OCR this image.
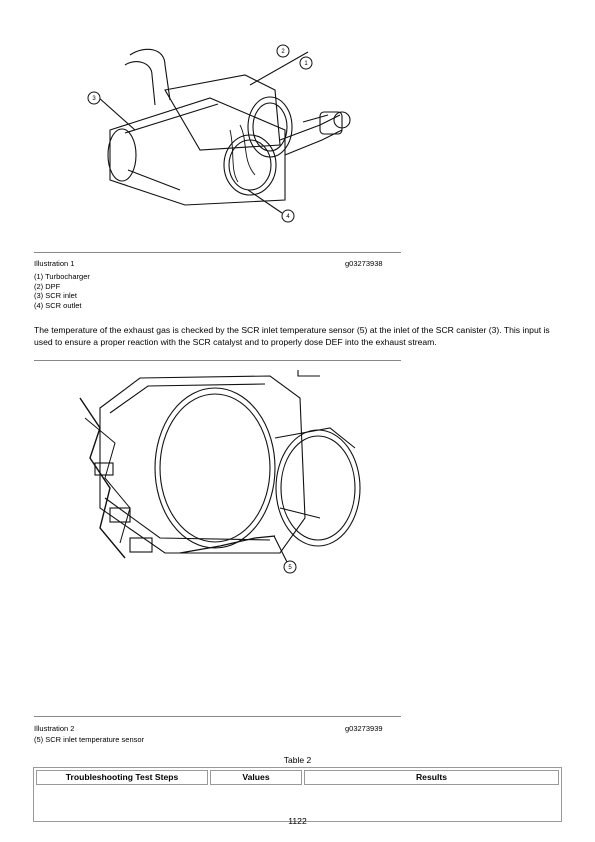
2
1
3
4
Illustration 1	g03273938
(1) Turbocharger
(2) DPF
(3) SCR inlet
(4) SCR outlet
The temperature of the exhaust gas is checked by the SCR inlet temperature sensor (5) at the inlet of the SCR canister (3). This input is used to ensure a proper reaction with the SCR catalyst and to properly dose DEF into the exhaust stream.
5
Illustration 2	g03273939
(5) SCR inlet temperature sensor
Table 2
Troubleshooting Test Steps	Values	Results
1122
